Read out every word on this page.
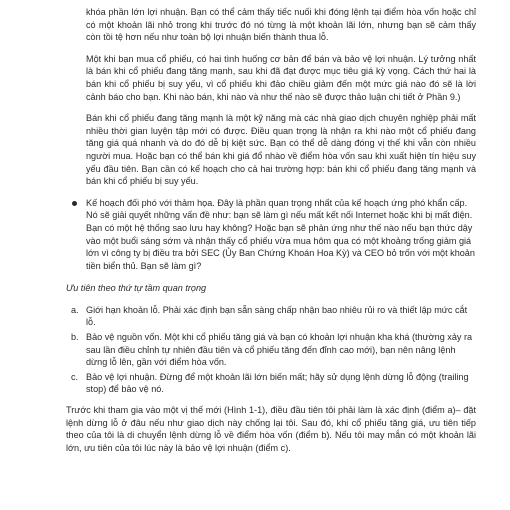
khóa phần lớn lợi nhuận. Bạn có thể cảm thấy tiếc nuối khi đóng lệnh tại điểm hòa vốn hoặc chỉ có một khoản lãi nhỏ trong khi trước đó nó từng là một khoản lãi lớn, nhưng bạn sẽ cảm thấy còn tồi tệ hơn nếu như toàn bộ lợi nhuận biến thành thua lỗ.

Một khi bạn mua cổ phiếu, có hai tình huống cơ bản để bán và bảo vệ lợi nhuận. Lý tưởng nhất là bán khi cổ phiếu đang tăng mạnh, sau khi đã đạt được mục tiêu giá kỳ vọng. Cách thứ hai là bán khi cổ phiếu bị suy yếu, vì cổ phiếu khi đảo chiều giảm đến một mức giá nào đó sẽ là lời cảnh báo cho bạn. Khi nào bán, khi nào và như thế nào sẽ được thảo luận chi tiết ở Phần 9.)

Bán khi cổ phiếu đang tăng mạnh là một kỹ năng mà các nhà giao dịch chuyên nghiệp phải mất nhiều thời gian luyện tập mới có được. Điều quan trọng là nhận ra khi nào một cổ phiếu đang tăng giá quá nhanh và do đó dễ bị kiệt sức. Bạn có thể dễ dàng đóng vị thế khi vẫn còn nhiều người mua. Hoặc bạn có thể bán khi giá đổ nhào về điểm hòa vốn sau khi xuất hiện tín hiệu suy yếu đầu tiên. Bạn cần có kế hoạch cho cả hai trường hợp: bán khi cổ phiếu đang tăng mạnh và bán khi cổ phiếu bị suy yếu.

Kế hoạch đối phó với thảm họa. Đây là phần quan trọng nhất của kế hoạch ứng phó khẩn cấp. Nó sẽ giải quyết những vấn đề như: bạn sẽ làm gì nếu mất kết nối Internet hoặc khi bị mất điện. Bạn có một hệ thống sao lưu hay không? Hoặc bạn sẽ phản ứng như thế nào nếu bạn thức dậy vào một buổi sáng sớm và nhận thấy cổ phiếu vừa mua hôm qua có một khoảng trống giảm giá lớn vì công ty bị điều tra bởi SEC (Ủy Ban Chứng Khoán Hoa Kỳ) và CEO bỏ trốn với một khoản tiền biển thủ. Bạn sẽ làm gì?

Ưu tiên theo thứ tự tầm quan trọng

a. Giới hạn khoản lỗ. Phải xác định bạn sẵn sàng chấp nhận bao nhiêu rủi ro và thiết lập mức cắt lỗ.
b. Bảo vệ nguồn vốn. Một khi cổ phiếu tăng giá và bạn có khoản lợi nhuận kha khá (thường xảy ra sau lần điều chỉnh tự nhiên đầu tiên và cổ phiếu tăng đến đỉnh cao mới), bạn nên nâng lệnh dừng lỗ lên, gần với điểm hòa vốn.
c. Bảo vệ lợi nhuận. Đừng để một khoản lãi lớn biến mất; hãy sử dụng lệnh dừng lỗ động (trailing stop) để bảo vệ nó.

Trước khi tham gia vào một vị thế mới (Hình 1-1), điều đầu tiên tôi phải làm là xác định (điểm a)– đặt lệnh dừng lỗ ở đâu nếu như giao dịch này chống lại tôi. Sau đó, khi cổ phiếu tăng giá, ưu tiên tiếp theo của tôi là di chuyển lệnh dừng lỗ về điểm hòa vốn (điểm b). Nếu tôi may mắn có một khoản lãi lớn, ưu tiên của tôi lúc này là bảo vệ lợi nhuận (điểm c).
